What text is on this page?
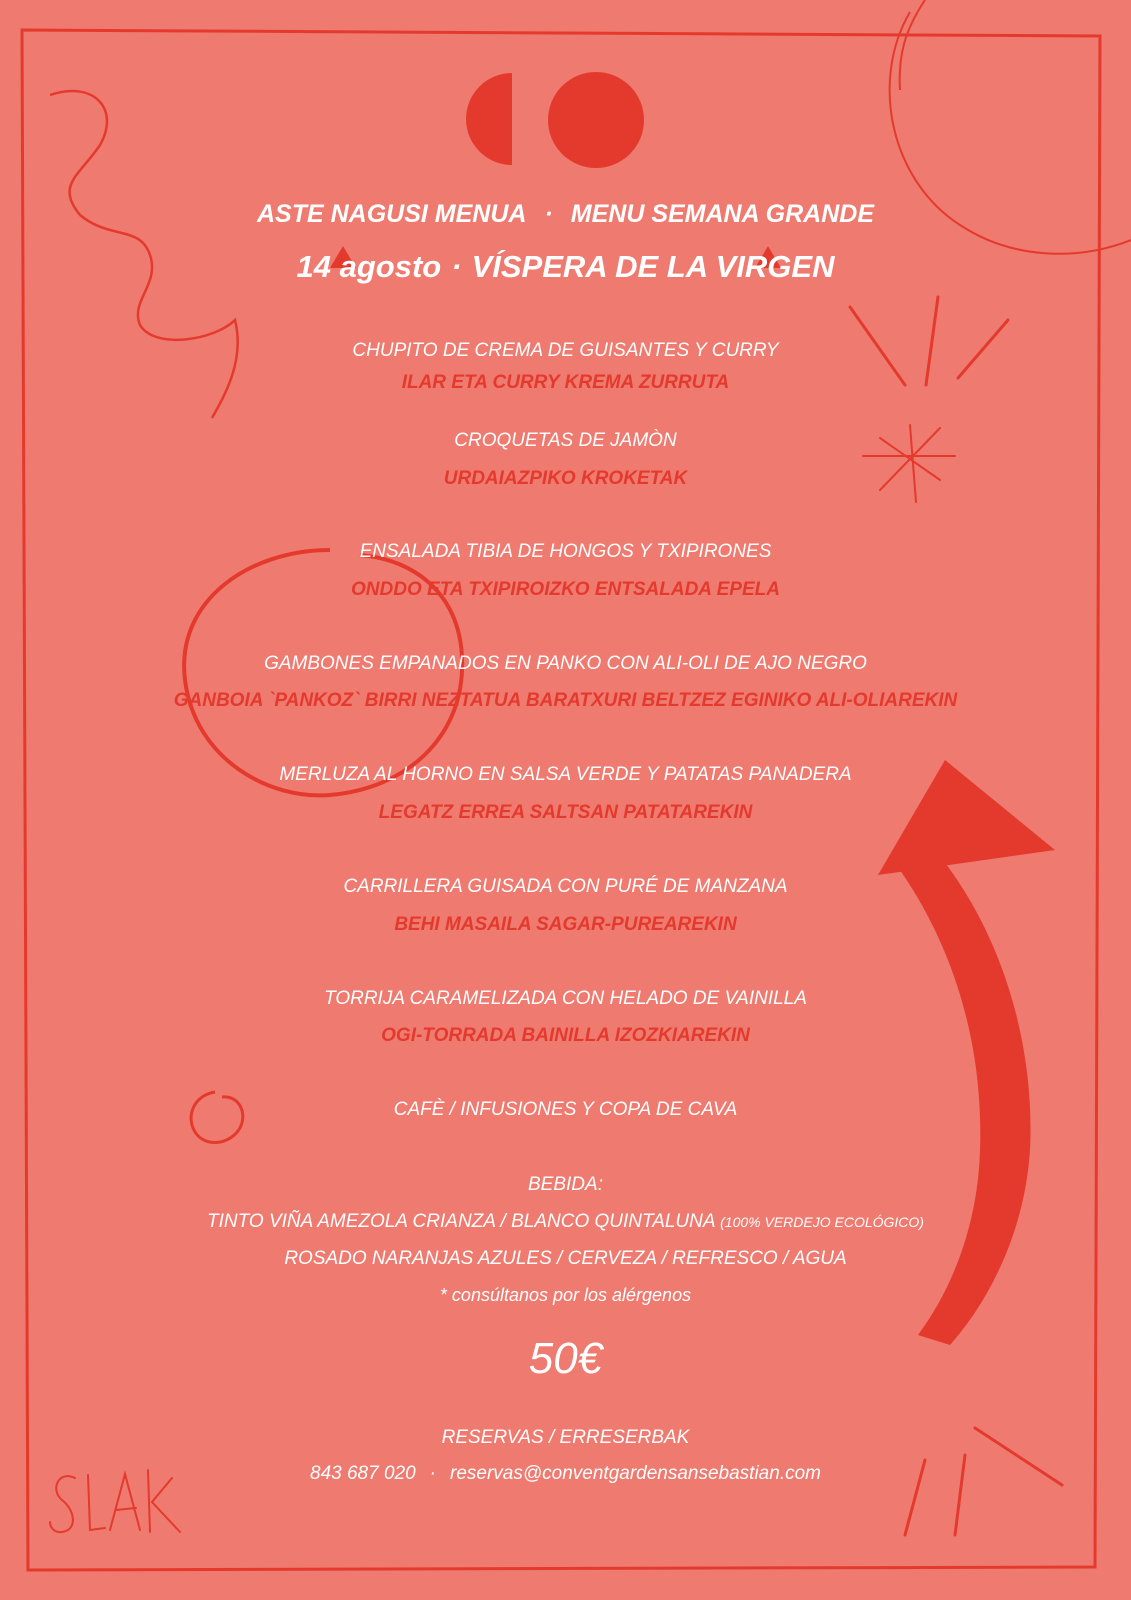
ASTE NAGUSI MENUA · MENU SEMANA GRANDE
14 agosto · VÍSPERA DE LA VIRGEN
CHUPITO DE CREMA DE GUISANTES Y CURRY
ILAR ETA CURRY KREMA ZURRUTA
CROQUETAS DE JAMÒN
URDAIAZPIKO KROKETAK
ENSALADA TIBIA DE HONGOS Y TXIPIRONES
ONDDO ETA TXIPIROIZKO ENTSALADA EPELA
GAMBONES EMPANADOS EN PANKO CON ALI-OLI DE AJO NEGRO
GANBOIA `PANKOZ` BIRRI NEZTATUA BARATXURI BELTZEZ EGINIKO ALI-OLIAREKIN
MERLUZA AL HORNO EN SALSA VERDE Y PATATAS PANADERA
LEGATZ ERREA SALTSAN PATATAREKIN
CARRILLERA GUISADA CON PURÉ DE MANZANA
BEHI MASAILA SAGAR-PUREAREKIN
TORRIJA CARAMELIZADA CON HELADO DE VAINILLA
OGI-TORRADA BAINILLA IZOZKIAREKIN
CAFÈ / INFUSIONES Y COPA DE CAVA
BEBIDA:
TINTO VIÑA AMEZOLA CRIANZA / BLANCO QUINTALUNA (100% VERDEJO ECOLÓGICO)
ROSADO NARANJAS AZULES / CERVEZA / REFRESCO / AGUA
* consúltanos por los alérgenos
50€
RESERVAS / ERRESERBAK
843 687 020 · reservas@conventgardensansebastian.com
